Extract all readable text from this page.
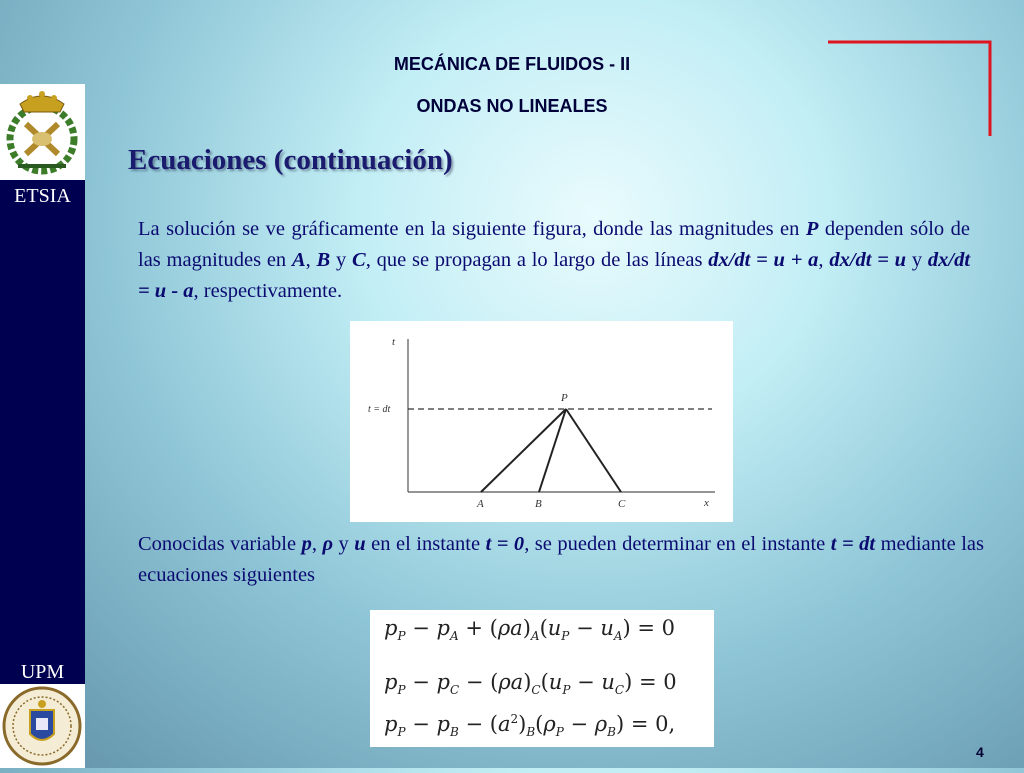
ETSIA
UPM
MECÁNICA DE FLUIDOS - II
ONDAS NO LINEALES
Ecuaciones (continuación)
La solución se ve gráficamente en la siguiente figura, donde las magnitudes en P dependen sólo de las magnitudes en A, B y C, que se propagan a lo largo de las líneas dx/dt = u + a, dx/dt = u y dx/dt = u - a, respectivamente.
t
t = dt
P
A	B	C	x
Conocidas variable p, ρ y u en el instante t = 0, se pueden determinar en el instante t = dt mediante las ecuaciones siguientes
$p_P - p_A + (\rho a)_A(u_P - u_A) = 0$
$p_P - p_C - (\rho a)_C(u_P - u_C) = 0$
$p_P - p_B - (a^2)_B(\rho_P - \rho_B) = 0$,
4
